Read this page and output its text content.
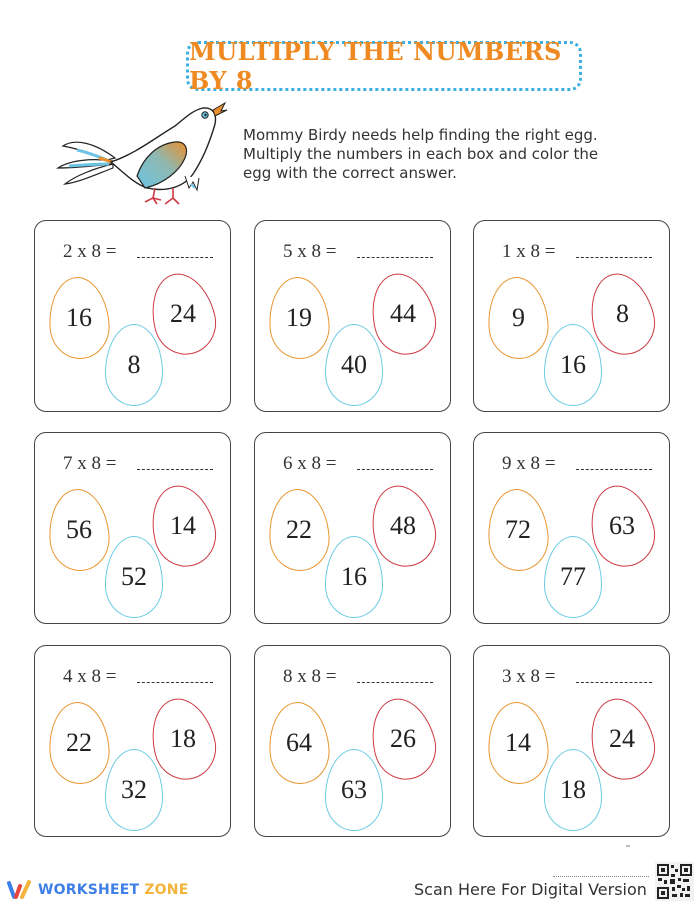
MULTIPLY THE NUMBERS BY 8
Mommy Birdy needs help finding the right egg.
Multiply the numbers in each box and color the
egg with the correct answer.
2 x 8 =
16	24
8
5 x 8 =
19	44
40
1 x 8 =
9	8
16
7 x 8 =
56	14
52
6 x 8 =
22	48
16
9 x 8 =
72	63
77
4 x 8 =
22	18
32
8 x 8 =
64	26
63
3 x 8 =
14	24
18
WORKSHEET ZONE	Scan Here For Digital Version
